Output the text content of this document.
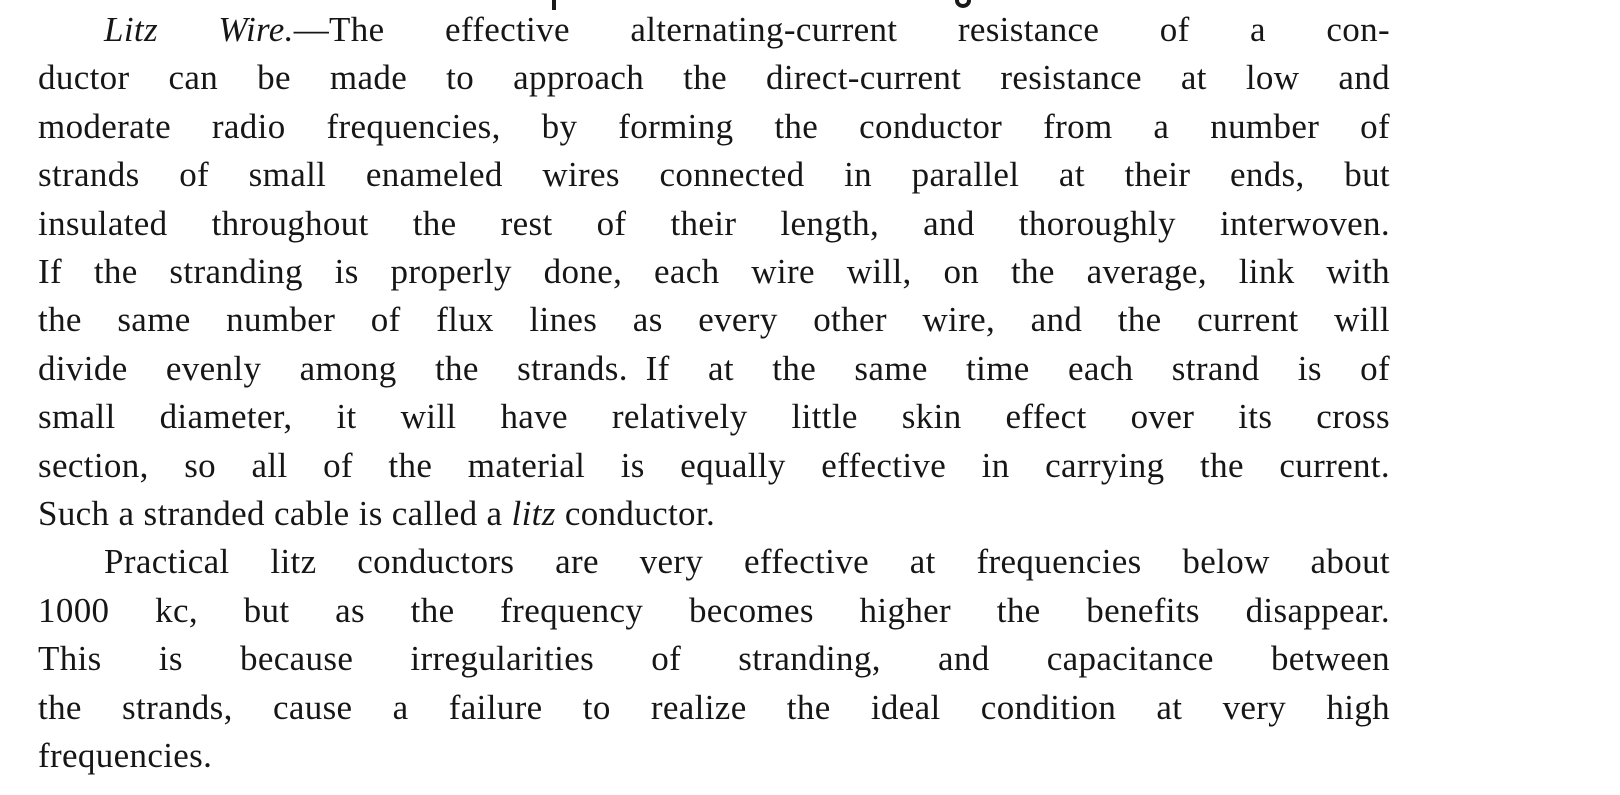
Litz Wire.—The effective alternating-current resistance of a con-
ductor can be made to approach the direct-current resistance at low and
moderate radio frequencies, by forming the conductor from a number of
strands of small enameled wires connected in parallel at their ends, but
insulated throughout the rest of their length, and thoroughly interwoven.
If the stranding is properly done, each wire will, on the average, link with
the same number of flux lines as every other wire, and the current will
divide evenly among the strands. If at the same time each strand is of
small diameter, it will have relatively little skin effect over its cross
section, so all of the material is equally effective in carrying the current.
Such a stranded cable is called a litz conductor.
Practical litz conductors are very effective at frequencies below about
1000 kc, but as the frequency becomes higher the benefits disappear.
This is because irregularities of stranding, and capacitance between
the strands, cause a failure to realize the ideal condition at very high
frequencies.
